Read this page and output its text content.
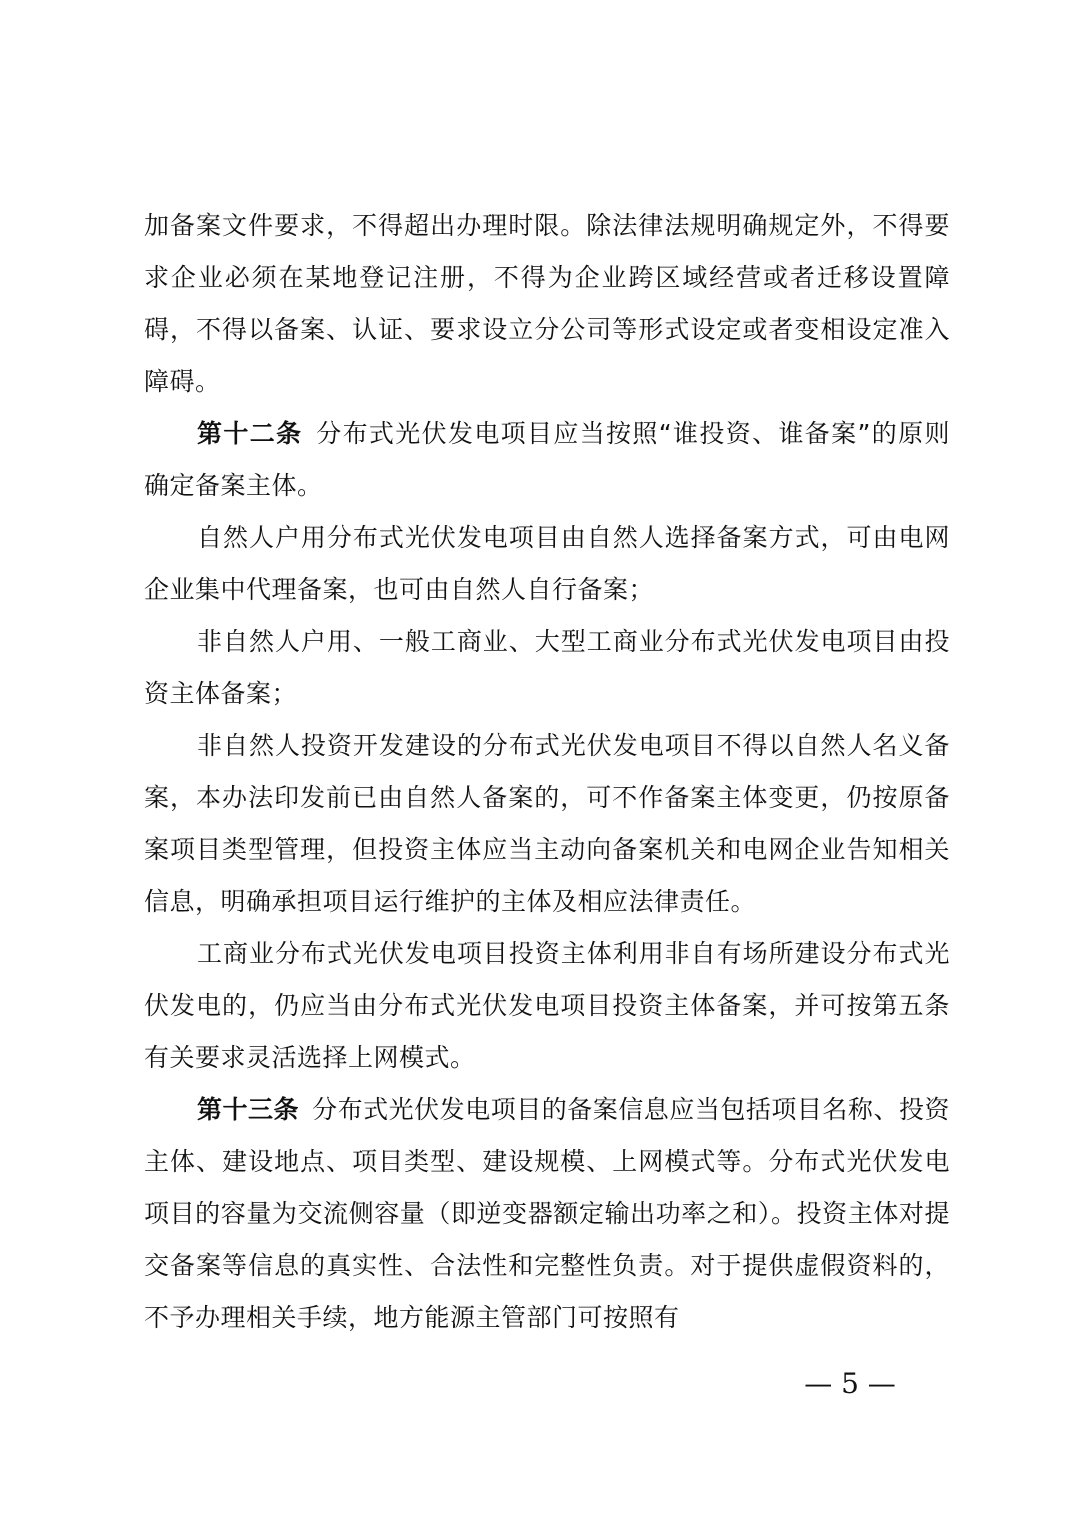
加备案文件要求，不得超出办理时限。除法律法规明确规定外，不得要求企业必须在某地登记注册，不得为企业跨区域经营或者迁移设置障碍，不得以备案、认证、要求设立分公司等形式设定或者变相设定准入障碍。

第十二条  分布式光伏发电项目应当按照“谁投资、谁备案”的原则确定备案主体。

自然人户用分布式光伏发电项目由自然人选择备案方式，可由电网企业集中代理备案，也可由自然人自行备案；

非自然人户用、一般工商业、大型工商业分布式光伏发电项目由投资主体备案；

非自然人投资开发建设的分布式光伏发电项目不得以自然人名义备案，本办法印发前已由自然人备案的，可不作备案主体变更，仍按原备案项目类型管理，但投资主体应当主动向备案机关和电网企业告知相关信息，明确承担项目运行维护的主体及相应法律责任。

工商业分布式光伏发电项目投资主体利用非自有场所建设分布式光伏发电的，仍应当由分布式光伏发电项目投资主体备案，并可按第五条有关要求灵活选择上网模式。

第十三条  分布式光伏发电项目的备案信息应当包括项目名称、投资主体、建设地点、项目类型、建设规模、上网模式等。分布式光伏发电项目的容量为交流侧容量（即逆变器额定输出功率之和）。投资主体对提交备案等信息的真实性、合法性和完整性负责。对于提供虚假资料的，不予办理相关手续，地方能源主管部门可按照有

— 5 —
